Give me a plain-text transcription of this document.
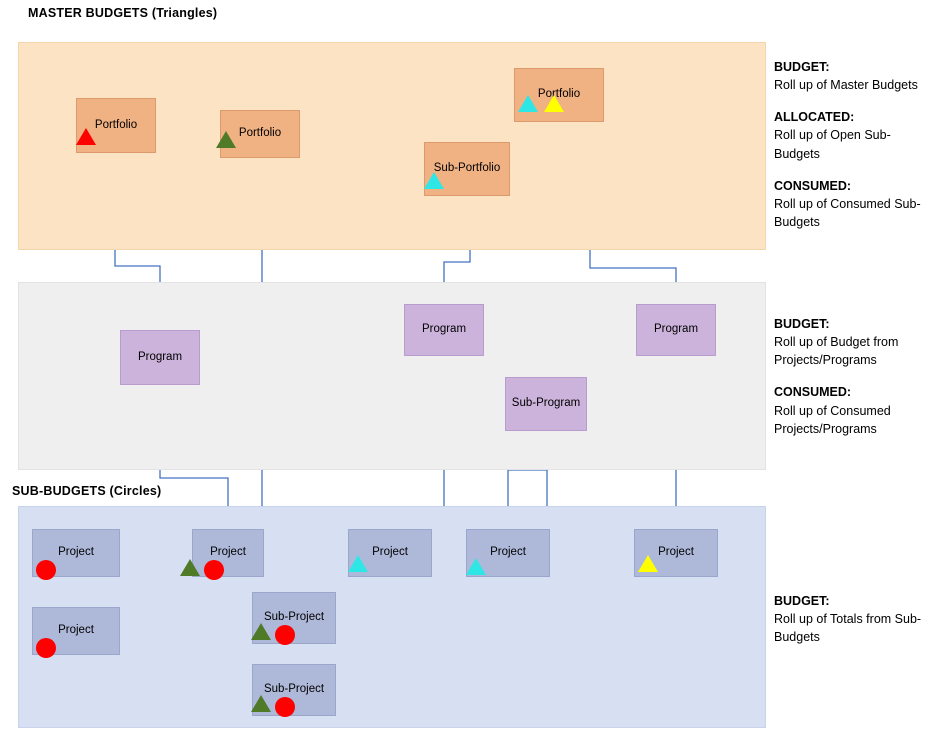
MASTER BUDGETS (Triangles)
SUB-BUDGETS (Circles)
Portfolio
Portfolio
Portfolio
Sub-Portfolio
Program
Program	Program
Sub-Program
Project
Project
Project	Project	Project	Project
Sub-Project
Sub-Project

BUDGET:

Roll up of Master Budgets

ALLOCATED:

Roll up of Open Sub-Budgets

CONSUMED:

Roll up of Consumed Sub-Budgets

BUDGET:

Roll up of Budget from Projects/Programs

CONSUMED:

Roll up of Consumed Projects/Programs

BUDGET:

Roll up of Totals from Sub-Budgets
